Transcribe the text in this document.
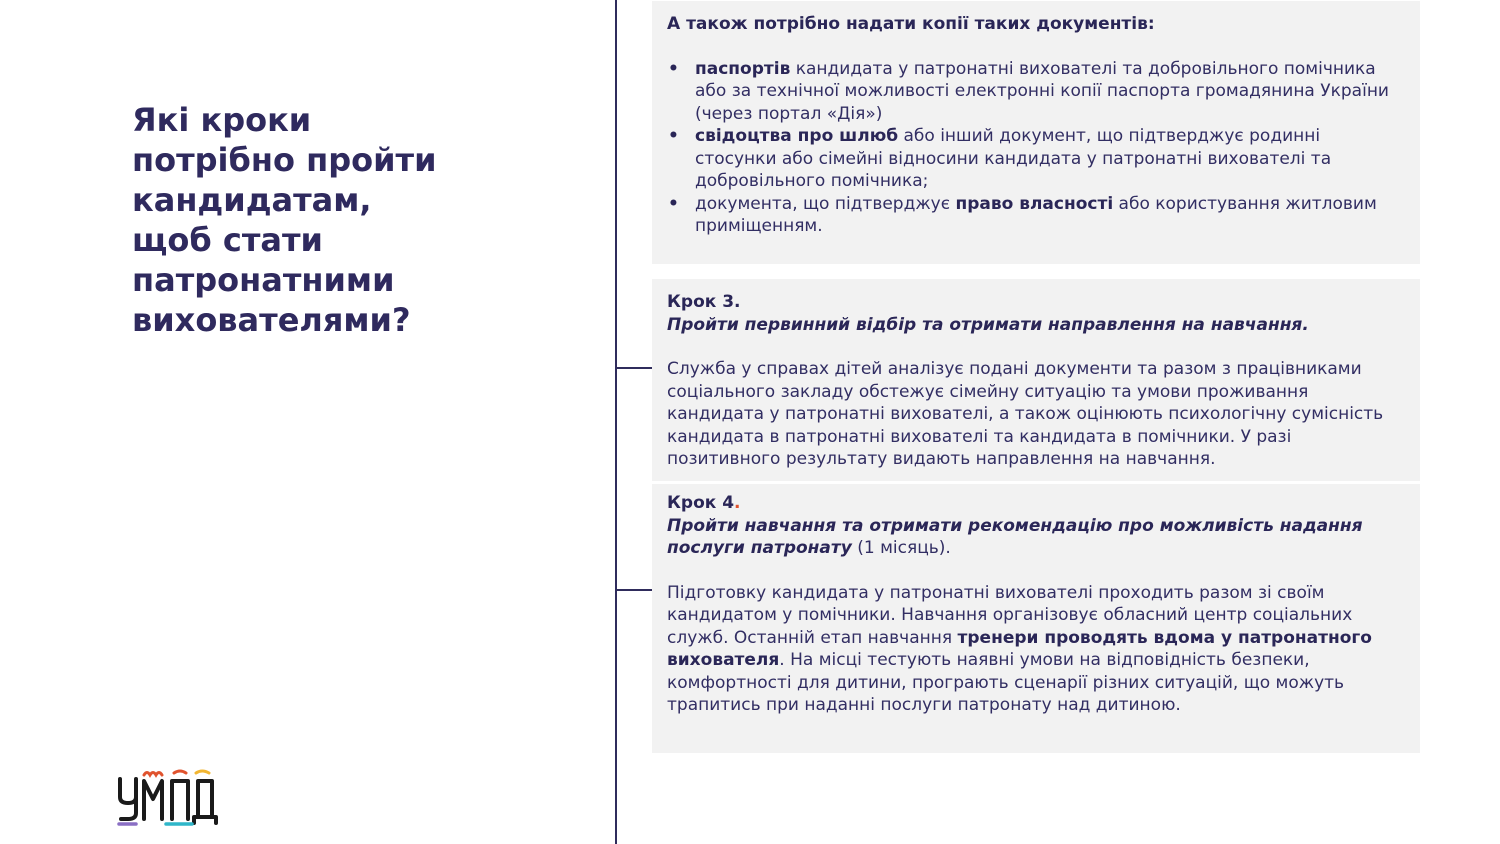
Які кроки
потрібно пройти
кандидатам,
щоб стати
патронатними
вихователями?
А також потрібно надати копії таких документів:
• паспортів кандидата у патронатні вихователі та добровільного помічника або за технічної можливості електронні копії паспорта громадянина України (через портал «Дія»)
• свідоцтва про шлюб або інший документ, що підтверджує родинні стосунки або сімейні відносини кандидата у патронатні вихователі та добровільного помічника;
• документа, що підтверджує право власності або користування житловим приміщенням.
Крок 3.
Пройти первинний відбір та отримати направлення на навчання.
Служба у справах дітей аналізує подані документи та разом з працівниками соціального закладу обстежує сімейну ситуацію та умови проживання кандидата у патронатні вихователі, а також оцінюють психологічну сумісність кандидата в патронатні вихователі та кандидата в помічники. У разі позитивного результату видають направлення на навчання.
Крок 4.
Пройти навчання та отримати рекомендацію про можливість надання послуги патронату (1 місяць).
Підготовку кандидата у патронатні вихователі проходить разом зі своїм кандидатом у помічники. Навчання організовує обласний центр соціальних служб. Останній етап навчання тренери проводять вдома у патронатного вихователя. На місці тестують наявні умови на відповідність безпеки, комфортності для дитини, програють сценарії різних ситуацій, що можуть трапитись при наданні послуги патронату над дитиною.
